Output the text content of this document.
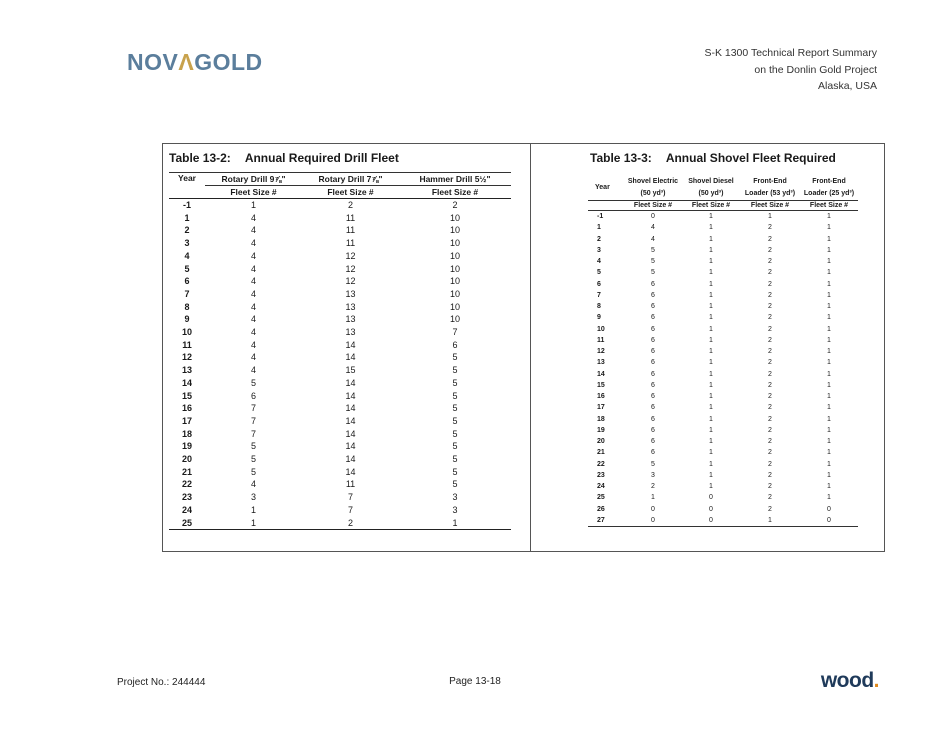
NOVΛGOLD	S-K 1300 Technical Report Summary
on the Donlin Gold Project
Alaska, USA
Table 13-2: Annual Required Drill Fleet
Year	Rotary Drill 9⅞"	Rotary Drill 7⅞"	Hammer Drill 5½"
	Fleet Size #	Fleet Size #	Fleet Size #
-1	1	2	2
1	4	11	10
2	4	11	10
3	4	11	10
4	4	12	10
5	4	12	10
6	4	12	10
7	4	13	10
8	4	13	10
9	4	13	10
10	4	13	7
11	4	14	6
12	4	14	5
13	4	15	5
14	5	14	5
15	6	14	5
16	7	14	5
17	7	14	5
18	7	14	5
19	5	14	5
20	5	14	5
21	5	14	5
22	4	11	5
23	3	7	3
24	1	7	3
25	1	2	1
Table 13-3: Annual Shovel Fleet Required
Year	Shovel Electric	Shovel Diesel	Front-End	Front-End
	(50 yd³)	(50 yd³)	Loader (53 yd³)	Loader (25 yd³)
	Fleet Size #	Fleet Size #	Fleet Size #	Fleet Size #
-1	0	1	1	1
1	4	1	2	1
2	4	1	2	1
3	5	1	2	1
4	5	1	2	1
5	5	1	2	1
6	6	1	2	1
7	6	1	2	1
8	6	1	2	1
9	6	1	2	1
10	6	1	2	1
11	6	1	2	1
12	6	1	2	1
13	6	1	2	1
14	6	1	2	1
15	6	1	2	1
16	6	1	2	1
17	6	1	2	1
18	6	1	2	1
19	6	1	2	1
20	6	1	2	1
21	6	1	2	1
22	5	1	2	1
23	3	1	2	1
24	2	1	2	1
25	1	0	2	1
26	0	0	2	0
27	0	0	1	0
Project No.: 244444	Page 13-18	wood.
